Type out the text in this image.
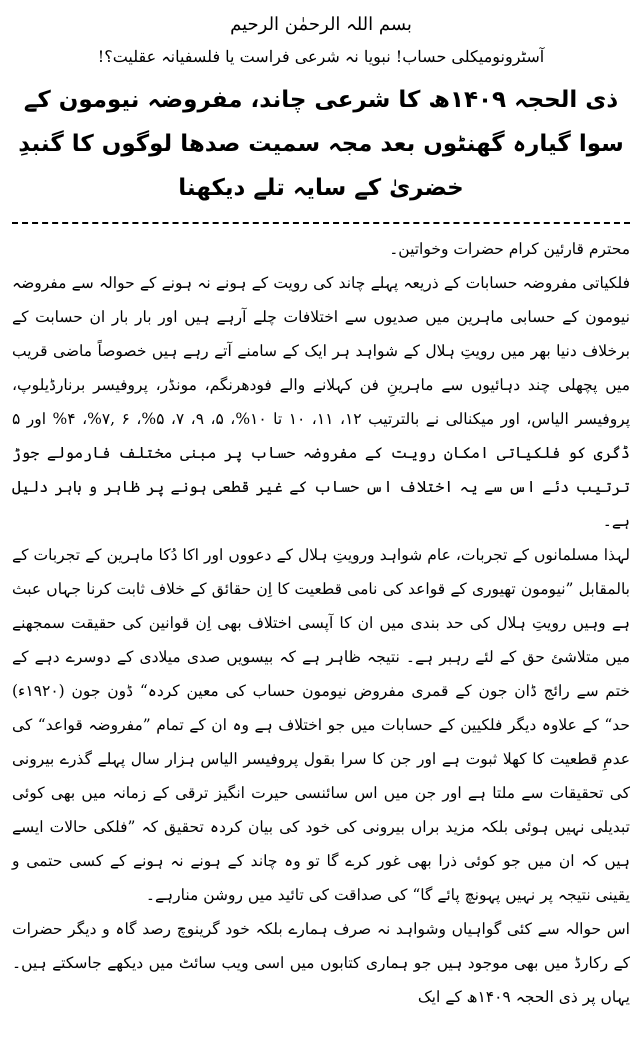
بسم اللہ الرحمٰن الرحیم

آسٹرونومیکلی حساب! نبویا نہ شرعی فراست یا فلسفیانہ عقلیت؟!

ذی الحجہ ۱۴۰۹ھ کا شرعی چاند، مفروضہ نیومون کے سوا گیارہ گھنٹوں بعد مجہ سمیت صدھا لوگوں کا گنبدِ خضریٰ کے سایہ تلے دیکھنا

محترم قارئین کرام حضرات وخواتین۔

فلکیاتی مفروضہ حسابات کے ذریعہ پہلے چاند کی رویت کے ہونے نہ ہونے کے حوالہ سے مفروضہ نیومون کے حسابی ماہرین میں صدیوں سے اختلافات چلے آرہے ہیں اور بار بار ان حسابت کے برخلاف دنیا بھر میں رویتِ ہلال کے شواہد ہر ایک کے سامنے آتے رہے ہیں خصوصاً ماضی قریب میں پچھلی چند دہائیوں سے ماہرینِ فن کہلانے والے فودھرنگم، مونڈر، پروفیسر برنارڈیلوپ، پروفیسر الیاس، اور میکنالی نے بالترتیب ۱۲، ۱۱، ۱۰ تا ۱۰%، ۵، ۹، ۷، ۵%، ۶ ,۷%، ۴% اور ۵ ڈگری کو فلکیاتی امکانِ رویت کے مفروضہ حساب پر مبنی مختلف فارمولے جوڑ ترتیب دئے اس سے یہ اختلاف اس حساب کے غیر قطعی ہونے پر ظاہر و باہر دلیل ہے۔

لہذا مسلمانوں کے تجربات، عام شواہد ورویتِ ہلال کے دعووں اور اکا دُکا ماہرین کے تجربات کے بالمقابل ”نیومون تھیوری کے قواعد کی نامی قطعیت کا اِن حقائق کے خلاف ثابت کرنا جہاں عبث ہے وہیں رویتِ ہلال کی حد بندی میں ان کا آپسی اختلاف بھی اِن قوانین کی حقیقت سمجھنے میں متلاشئ حق کے لئے رہبر ہے۔ نتیجہ ظاہر ہے کہ بیسویں صدی میلادی کے دوسرے دہے کے ختم سے رائج ڈان جون کے قمری مفروض نیومون حساب کی معین کردہ“ ڈون جون (۱۹۲۰ء) حد“ کے علاوہ دیگر فلکیین کے حسابات میں جو اختلاف ہے وہ ان کے تمام ”مفروضہ قواعد“ کی عدمِ قطعیت کا کھلا ثبوت ہے اور جن کا سرا بقول پروفیسر الیاس ہزار سال پہلے گذرے بیرونی کی تحقیقات سے ملتا ہے اور جن میں اس سائنسی حیرت انگیز ترقی کے زمانہ میں بھی کوئی تبدیلی نہیں ہوئی بلکہ مزید براں بیرونی کی خود کی بیان کردہ تحقیق کہ ”فلکی حالات ایسے ہیں کہ ان میں جو کوئی ذرا بھی غور کرے گا تو وہ چاند کے ہونے نہ ہونے کے کسی حتمی و یقینی نتیجہ پر نہیں پہونچ پائے گا“ کی صداقت کی تائید میں روشن منارہے۔

اس حوالہ سے کئی گواہیاں وشواہد نہ صرف ہمارے بلکہ خود گرینوچ رصد گاہ و دیگر حضرات کے رکارڈ میں بھی موجود ہیں جو ہماری کتابوں میں اسی ویب سائٹ میں دیکھے جاسکتے ہیں۔ یہاں پر ذی الحجہ ۱۴۰۹ھ کے ایک
